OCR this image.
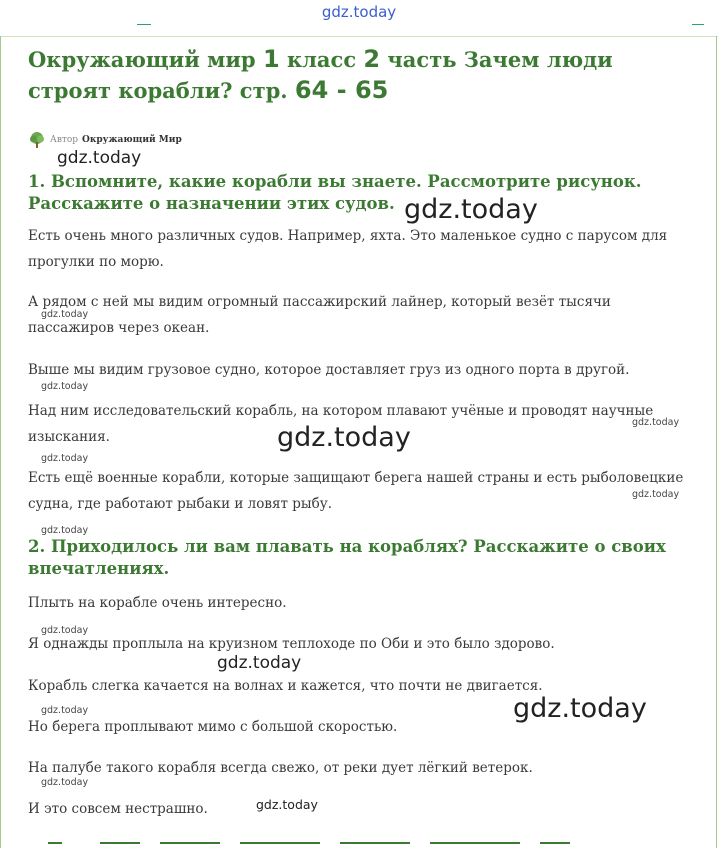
gdz.today
Окружающий мир 1 класс 2 часть Зачем люди строят корабли? стр. 64 - 65
Автор Окружающий Мир
1. Вспомните, какие корабли вы знаете. Рассмотрите рисунок. Расскажите о назначении этих судов.

Есть очень много различных судов. Например, яхта. Это маленькое судно с парусом для прогулки по морю.

А рядом с ней мы видим огромный пассажирский лайнер, который везёт тысячи пассажиров через океан.

Выше мы видим грузовое судно, которое доставляет груз из одного порта в другой.

Над ним исследовательский корабль, на котором плавают учёные и проводят научные изыскания.

Есть ещё военные корабли, которые защищают берега нашей страны и есть рыболовецкие судна, где работают рыбаки и ловят рыбу.

2. Приходилось ли вам плавать на кораблях? Расскажите о своих впечатлениях.

Плыть на корабле очень интересно.

Я однажды проплыла на круизном теплоходе по Оби и это было здорово.

Корабль слегка качается на волнах и кажется, что почти не двигается.

Но берега проплывают мимо с большой скоростью.

На палубе такого корабля всегда свежо, от реки дует лёгкий ветерок.

И это совсем нестрашно.

gdz.today
gdz.today
gdz.today
gdz.today
gdz.today
gdz.today
gdz.today
gdz.today
gdz.today
gdz.today
gdz.today
gdz.today
gdz.today
gdz.today
gdz.today
